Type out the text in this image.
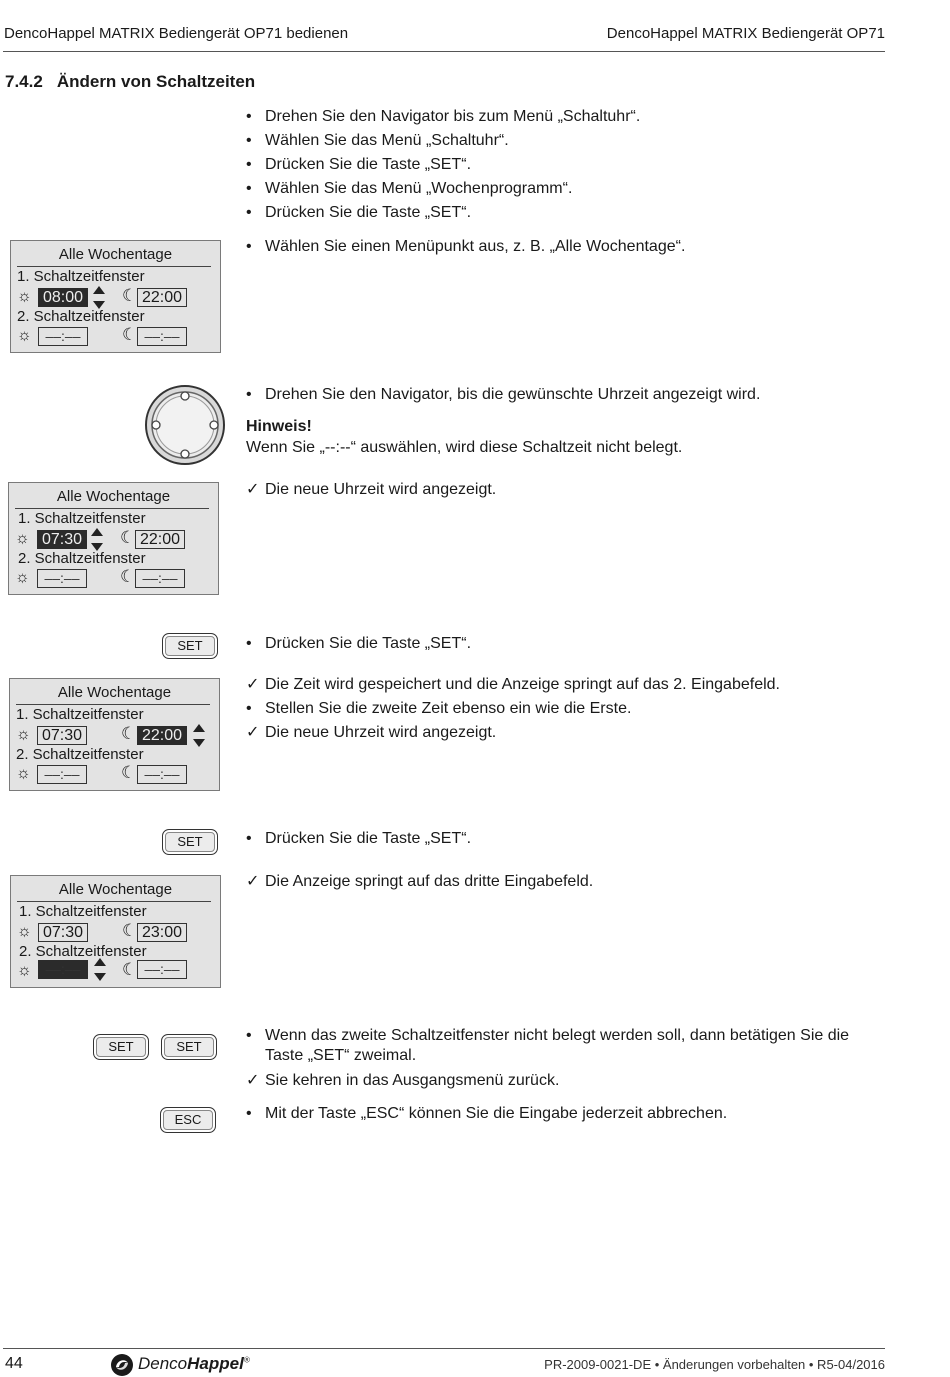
DencoHappel MATRIX Bediengerät OP71 bedienen	DencoHappel MATRIX Bediengerät OP71
7.4.2 Ändern von Schaltzeiten
• Drehen Sie den Navigator bis zum Menü „Schaltuhr“.
• Wählen Sie das Menü „Schaltuhr“.
• Drücken Sie die Taste „SET“.
• Wählen Sie das Menü „Wochenprogramm“.
• Drücken Sie die Taste „SET“.
• Wählen Sie einen Menüpunkt aus, z. B. „Alle Wochentage“.
Alle Wochentage
1. Schaltzeitfenster
☼ 08:00 ☾ 22:00
2. Schaltzeitfenster
☼ ––:––	☾ ––:––
• Drehen Sie den Navigator, bis die gewünschte Uhrzeit angezeigt wird.
Hinweis!
Wenn Sie „--:--“ auswählen, wird diese Schaltzeit nicht belegt.
✓ Die neue Uhrzeit wird angezeigt.
Alle Wochentage
1. Schaltzeitfenster
☼ 07:30 ☾ 22:00
2. Schaltzeitfenster
☼	––:––	☾ ––:––
SET	• Drücken Sie die Taste „SET“.
✓ Die Zeit wird gespeichert und die Anzeige springt auf das 2. Eingabefeld.
• Stellen Sie die zweite Zeit ebenso ein wie die Erste.
✓ Die neue Uhrzeit wird angezeigt.
Alle Wochentage
1. Schaltzeitfenster
☼ 07:30 ☾ 22:00
2. Schaltzeitfenster
☼ ––:––	☾ ––:––
SET	• Drücken Sie die Taste „SET“.
✓ Die Anzeige springt auf das dritte Eingabefeld.
Alle Wochentage
1. Schaltzeitfenster
☼ 07:30 ☾ 23:00
2. Schaltzeitfenster
☼ ––:––	☾ ––:––
SET	SET
• Wenn das zweite Schaltzeitfenster nicht belegt werden soll, dann betätigen Sie die Taste „SET“ zweimal.
✓ Sie kehren in das Ausgangsmenü zurück.
ESC	• Mit der Taste „ESC“ können Sie die Eingabe jederzeit abbrechen.
44	DencoHappel®	PR-2009-0021-DE • Änderungen vorbehalten • R5-04/2016
